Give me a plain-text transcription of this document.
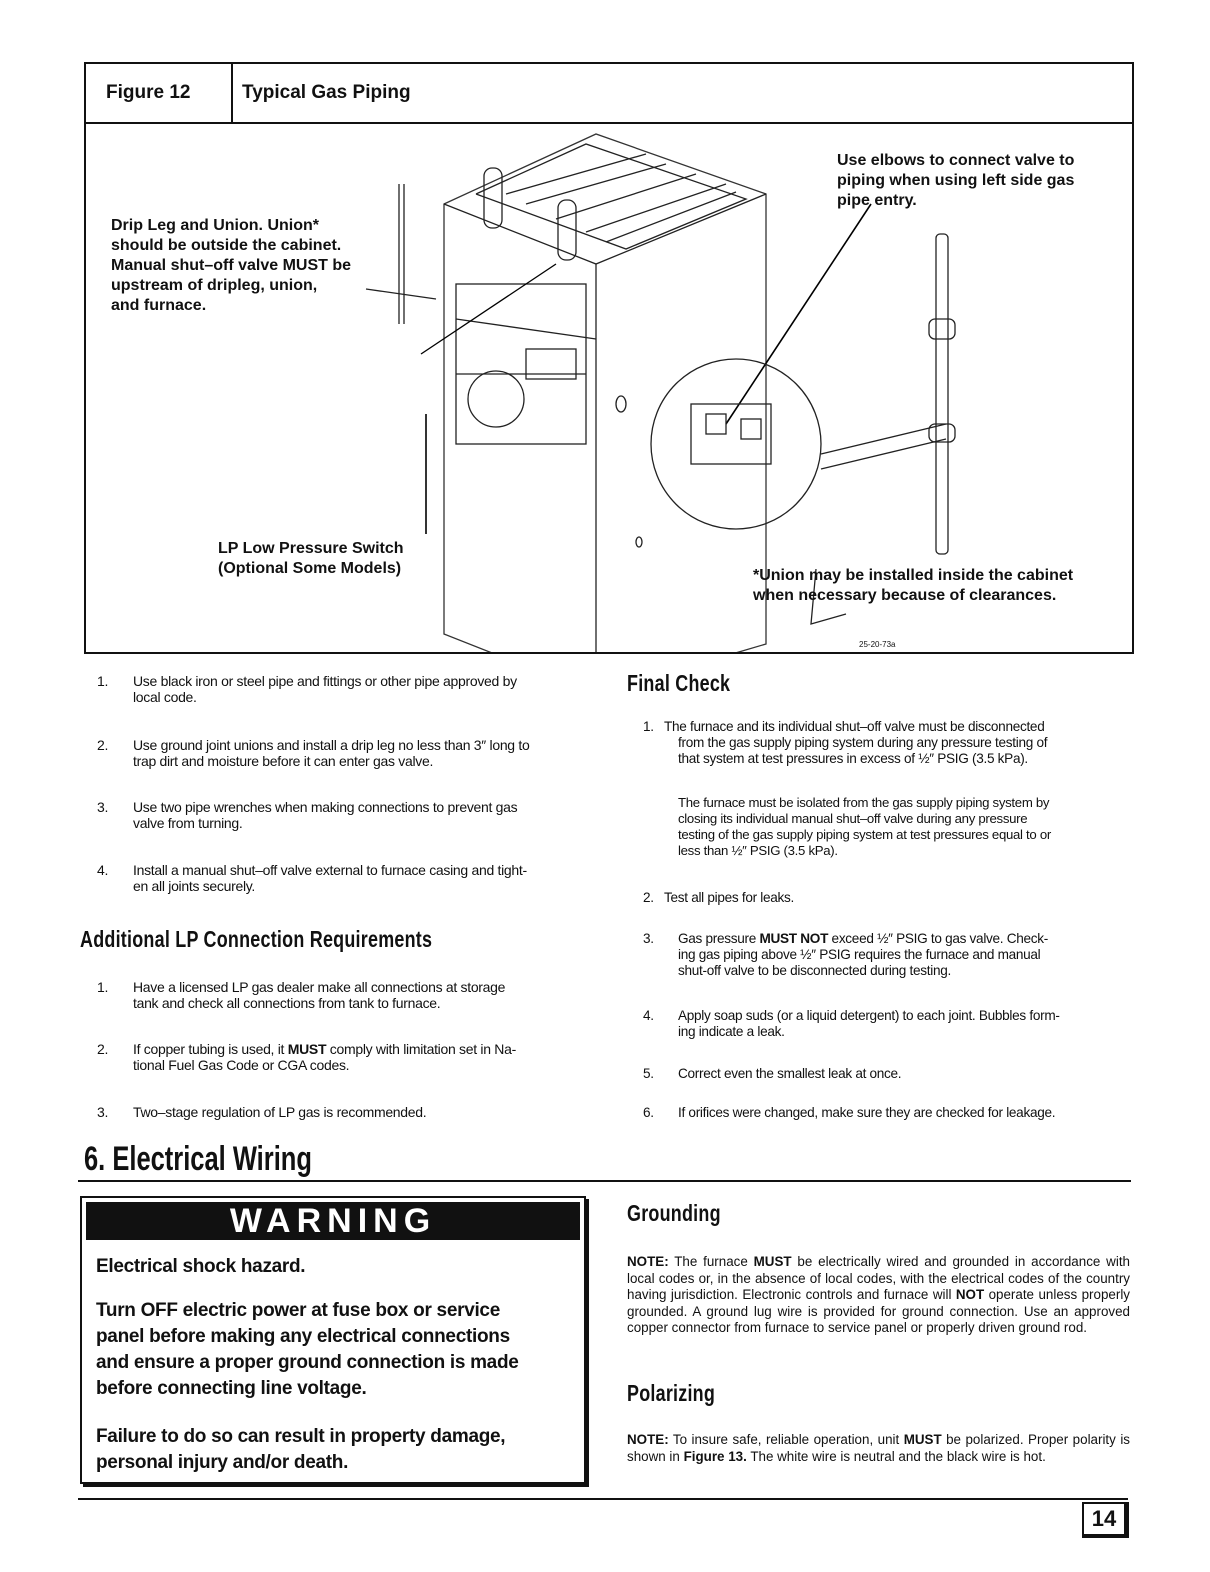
Figure 12	Typical Gas Piping
Drip Leg and Union. Union*
should be outside the cabinet.
Manual shut–off valve MUST be
upstream of dripleg, union,
and furnace.
Use elbows to connect valve to
piping when using left side gas
pipe entry.
LP Low Pressure Switch
(Optional Some Models)	*Union may be installed inside the cabinet
when necessary because of clearances.
25-20-73a
1. Use black iron or steel pipe and fittings or other pipe approved by
local code.
2. Use ground joint unions and install a drip leg no less than 3″ long to
trap dirt and moisture before it can enter gas valve.
3. Use two pipe wrenches when making connections to prevent gas
valve from turning.
4. Install a manual shut–off valve external to furnace casing and tight-
en all joints securely.
Additional LP Connection Requirements
1. Have a licensed LP gas dealer make all connections at storage
tank and check all connections from tank to furnace.
2. If copper tubing is used, it MUST comply with limitation set in Na-
tional Fuel Gas Code or CGA codes.
3. Two–stage regulation of LP gas is recommended.
Final Check
1. The furnace and its individual shut–off valve must be disconnected
from the gas supply piping system during any pressure testing of
that system at test pressures in excess of ½″ PSIG (3.5 kPa).
The furnace must be isolated from the gas supply piping system by
closing its individual manual shut–off valve during any pressure
testing of the gas supply piping system at test pressures equal to or
less than ½″ PSIG (3.5 kPa).
2. Test all pipes for leaks.
3. Gas pressure MUST NOT exceed ½″ PSIG to gas valve. Check-
ing gas piping above ½″ PSIG requires the furnace and manual
shut-off valve to be disconnected during testing.
4. Apply soap suds (or a liquid detergent) to each joint. Bubbles form-
ing indicate a leak.
5. Correct even the smallest leak at once.
6. If orifices were changed, make sure they are checked for leakage.
6. Electrical Wiring
WARNING
Electrical shock hazard.
Turn OFF electric power at fuse box or service
panel before making any electrical connections
and ensure a proper ground connection is made
before connecting line voltage.
Failure to do so can result in property damage,
personal injury and/or death.
Grounding
NOTE: The furnace MUST be electrically wired and grounded in accordance with local codes or, in the absence of local codes, with the electrical codes of the country having jurisdiction. Electronic controls and furnace will NOT operate unless properly grounded. A ground lug wire is provided for ground connection. Use an approved copper connector from furnace to service panel or properly driven ground rod.
Polarizing
NOTE: To insure safe, reliable operation, unit MUST be polarized. Proper polarity is shown in Figure 13. The white wire is neutral and the black wire is hot.
14
